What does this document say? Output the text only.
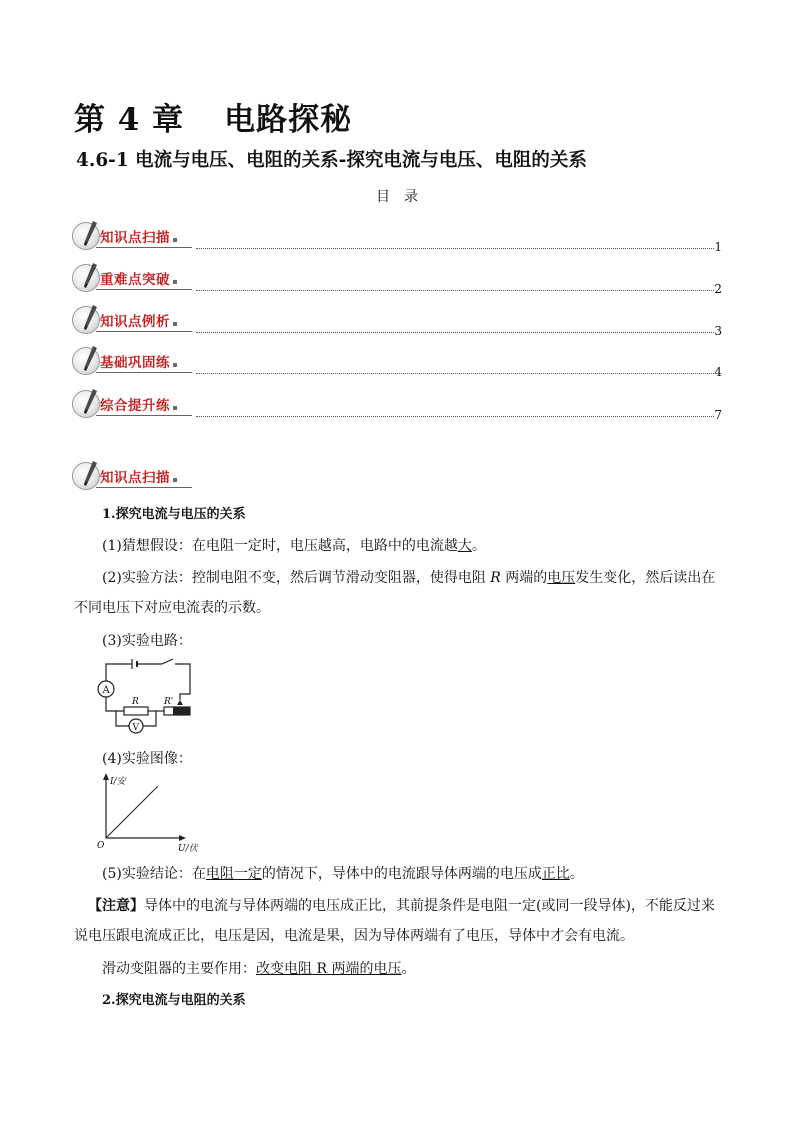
第 4 章 电路探秘
4.6-1 电流与电压、电阻的关系-探究电流与电压、电阻的关系
目　录
知识点扫描
1
重难点突破
2
知识点例析
3
基础巩固练
4
综合提升练
7
知识点扫描
1.探究电流与电压的关系
(1)猜想假设：在电阻一定时，电压越高，电路中的电流越大。
(2)实验方法：控制电阻不变，然后调节滑动变阻器，使得电阻 R 两端的电压发生变化，然后读出在不同电压下对应电流表的示数。
(3)实验电路：
A
V
R	R'
(4)实验图像：
I/安
U/伏
O
(5)实验结论：在电阻一定的情况下，导体中的电流跟导体两端的电压成正比。
【注意】导体中的电流与导体两端的电压成正比，其前提条件是电阻一定(或同一段导体)，不能反过来说电压跟电流成正比，电压是因，电流是果，因为导体两端有了电压，导体中才会有电流。
滑动变阻器的主要作用：改变电阻 R 两端的电压。
2.探究电流与电阻的关系
